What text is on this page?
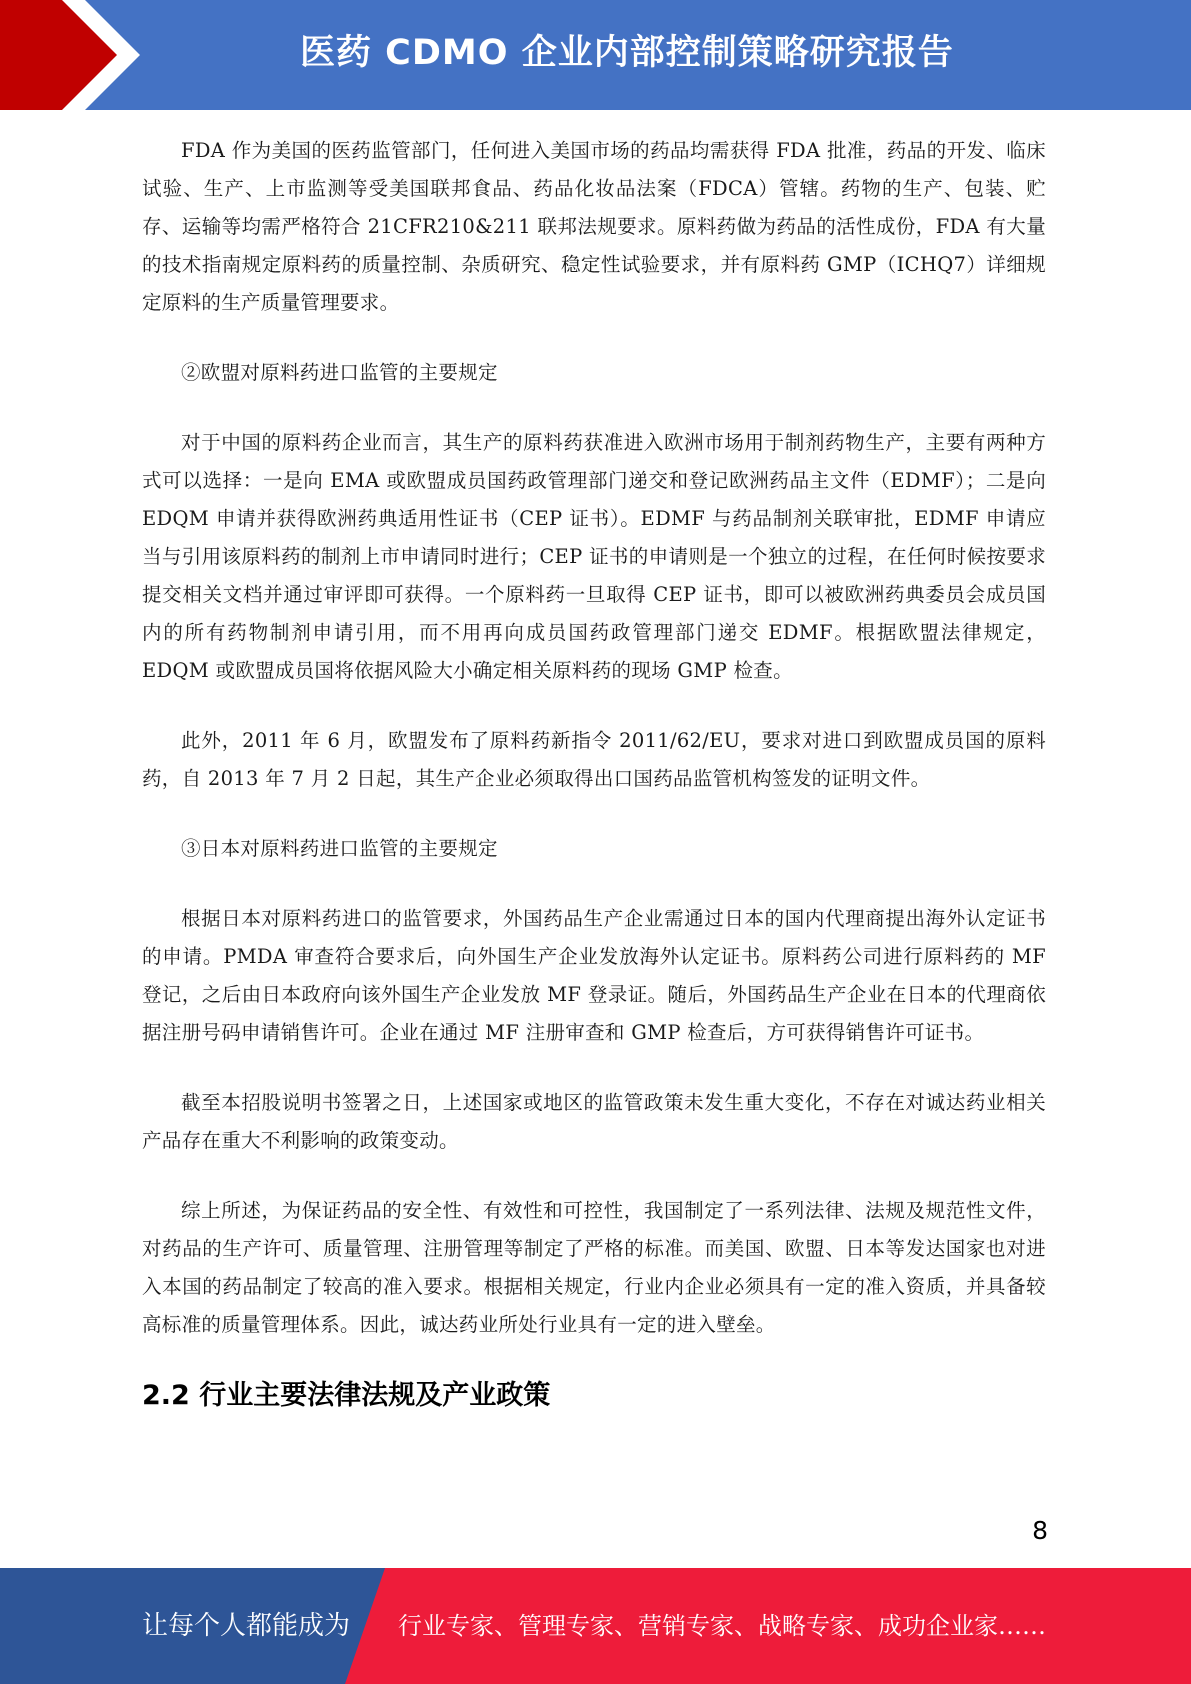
医药 CDMO 企业内部控制策略研究报告

FDA 作为美国的医药监管部门，任何进入美国市场的药品均需获得 FDA 批准，药品的开发、临床试验、生产、上市监测等受美国联邦食品、药品化妆品法案（FDCA）管辖。药物的生产、包装、贮存、运输等均需严格符合 21CFR210&211 联邦法规要求。原料药做为药品的活性成份，FDA 有大量的技术指南规定原料药的质量控制、杂质研究、稳定性试验要求，并有原料药 GMP（ICHQ7）详细规定原料的生产质量管理要求。

②欧盟对原料药进口监管的主要规定

对于中国的原料药企业而言，其生产的原料药获准进入欧洲市场用于制剂药物生产，主要有两种方式可以选择：一是向 EMA 或欧盟成员国药政管理部门递交和登记欧洲药品主文件（EDMF）；二是向 EDQM 申请并获得欧洲药典适用性证书（CEP 证书）。EDMF 与药品制剂关联审批，EDMF 申请应当与引用该原料药的制剂上市申请同时进行；CEP 证书的申请则是一个独立的过程，在任何时候按要求提交相关文档并通过审评即可获得。一个原料药一旦取得 CEP 证书，即可以被欧洲药典委员会成员国内的所有药物制剂申请引用，而不用再向成员国药政管理部门递交 EDMF。根据欧盟法律规定，EDQM 或欧盟成员国将依据风险大小确定相关原料药的现场 GMP 检查。

此外，2011 年 6 月，欧盟发布了原料药新指令 2011/62/EU，要求对进口到欧盟成员国的原料药，自 2013 年 7 月 2 日起，其生产企业必须取得出口国药品监管机构签发的证明文件。

③日本对原料药进口监管的主要规定

根据日本对原料药进口的监管要求，外国药品生产企业需通过日本的国内代理商提出海外认定证书的申请。PMDA 审查符合要求后，向外国生产企业发放海外认定证书。原料药公司进行原料药的 MF 登记，之后由日本政府向该外国生产企业发放 MF 登录证。随后，外国药品生产企业在日本的代理商依据注册号码申请销售许可。企业在通过 MF 注册审查和 GMP 检查后，方可获得销售许可证书。

截至本招股说明书签署之日，上述国家或地区的监管政策未发生重大变化，不存在对诚达药业相关产品存在重大不利影响的政策变动。

综上所述，为保证药品的安全性、有效性和可控性，我国制定了一系列法律、法规及规范性文件，对药品的生产许可、质量管理、注册管理等制定了严格的标准。而美国、欧盟、日本等发达国家也对进入本国的药品制定了较高的准入要求。根据相关规定，行业内企业必须具有一定的准入资质，并具备较高标准的质量管理体系。因此，诚达药业所处行业具有一定的进入壁垒。

2.2 行业主要法律法规及产业政策
8
让每个人都能成为 行业专家、管理专家、营销专家、战略专家、成功企业家……
